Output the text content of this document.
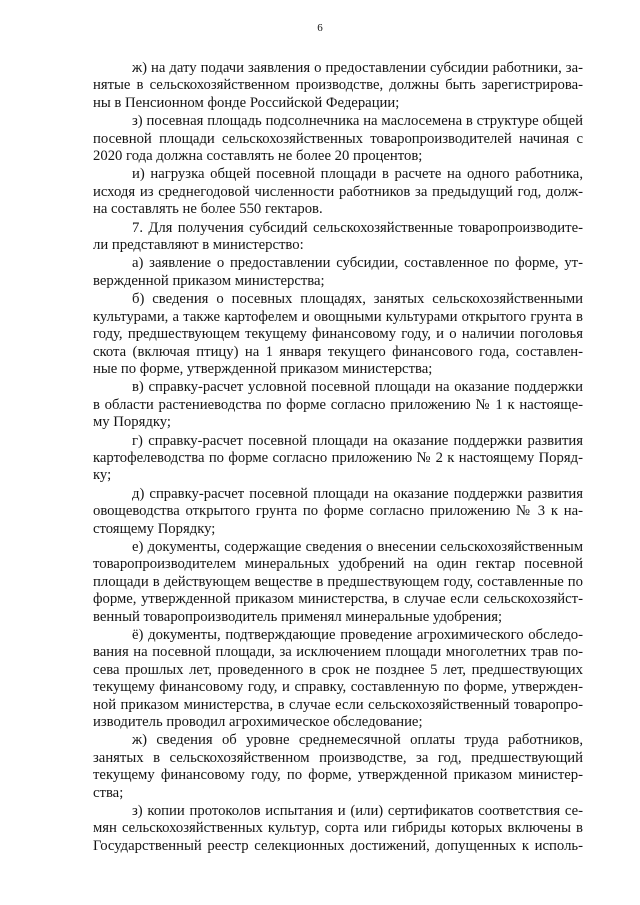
6
ж) на дату подачи заявления о предоставлении субсидии работники, за-
нятые в сельскохозяйственном производстве, должны быть зарегистрирова-
ны в Пенсионном фонде Российской Федерации;
з) посевная площадь подсолнечника на маслосемена в структуре общей
посевной площади сельскохозяйственных товаропроизводителей начиная с
2020 года должна составлять не более 20 процентов;
и) нагрузка общей посевной площади в расчете на одного работника,
исходя из среднегодовой численности работников за предыдущий год, долж-
на составлять не более 550 гектаров.
7. Для получения субсидий сельскохозяйственные товаропроизводите-
ли представляют в министерство:
а) заявление о предоставлении субсидии, составленное по форме, ут-
вержденной приказом министерства;
б) сведения о посевных площадях, занятых сельскохозяйственными
культурами, а также картофелем и овощными культурами открытого грунта в
году, предшествующем текущему финансовому году, и о наличии поголовья
скота (включая птицу) на 1 января текущего финансового года, составлен-
ные по форме, утвержденной приказом министерства;
в) справку-расчет условной посевной площади на оказание поддержки
в области растениеводства по форме согласно приложению № 1 к настояще-
му Порядку;
г) справку-расчет посевной площади на оказание поддержки развития
картофелеводства по форме согласно приложению № 2 к настоящему Поряд-
ку;
д) справку-расчет посевной площади на оказание поддержки развития
овощеводства открытого грунта по форме согласно приложению № 3 к на-
стоящему Порядку;
е) документы, содержащие сведения о внесении сельскохозяйственным
товаропроизводителем минеральных удобрений на один гектар посевной
площади в действующем веществе в предшествующем году, составленные по
форме, утвержденной приказом министерства, в случае если сельскохозяйст-
венный товаропроизводитель применял минеральные удобрения;
ё) документы, подтверждающие проведение агрохимического обследо-
вания на посевной площади, за исключением площади многолетних трав по-
сева прошлых лет, проведенного в срок не позднее 5 лет, предшествующих
текущему финансовому году, и справку, составленную по форме, утвержден-
ной приказом министерства, в случае если сельскохозяйственный товаропро-
изводитель проводил агрохимическое обследование;
ж) сведения об уровне среднемесячной оплаты труда работников,
занятых в сельскохозяйственном производстве, за год, предшествующий
текущему финансовому году, по форме, утвержденной приказом министер-
ства;
з) копии протоколов испытания и (или) сертификатов соответствия се-
мян сельскохозяйственных культур, сорта или гибриды которых включены в
Государственный реестр селекционных достижений, допущенных к исполь-
